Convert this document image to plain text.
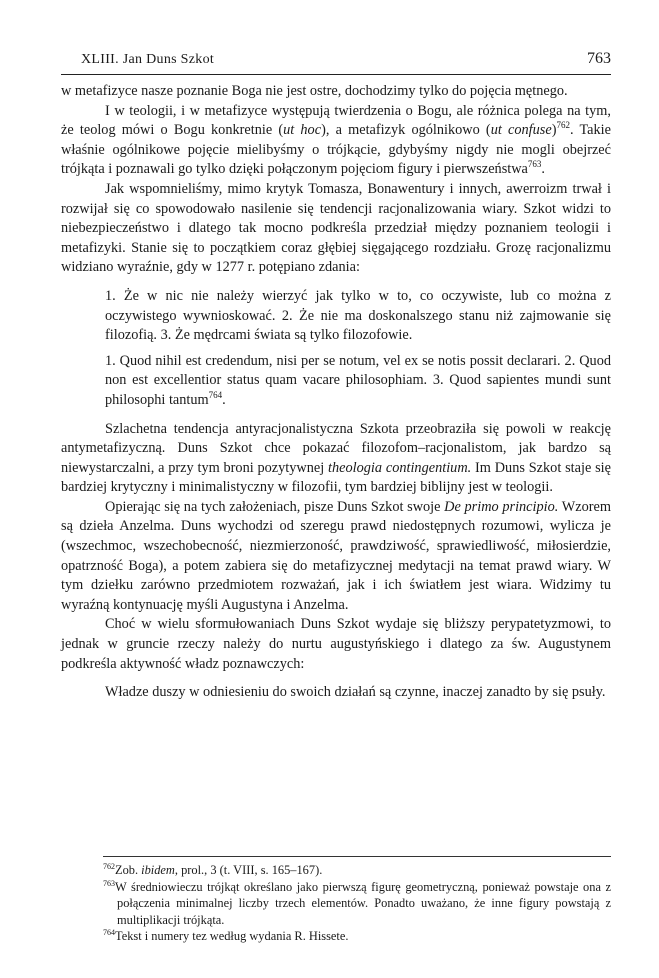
XLIII. Jan Duns Szkot	763

w metafizyce nasze poznanie Boga nie jest ostre, dochodzimy tylko do pojęcia mętnego.

I w teologii, i w metafizyce występują twierdzenia o Bogu, ale różnica polega na tym, że teolog mówi o Bogu konkretnie (ut hoc), a metafizyk ogólnikowo (ut confuse)$^{762}$. Takie właśnie ogólnikowe pojęcie mielibyśmy o trójkącie, gdybyśmy nigdy nie mogli obejrzeć trójkąta i poznawali go tylko dzięki połączonym pojęciom figury i pierwszeństwa$^{763}$.

Jak wspomnieliśmy, mimo krytyk Tomasza, Bonawentury i innych, awerroizm trwał i rozwijał się co spowodowało nasilenie się tendencji racjonalizowania wiary. Szkot widzi to niebezpieczeństwo i dlatego tak mocno podkreśla przedział między poznaniem teologii i metafizyki. Stanie się to początkiem coraz głębiej sięgającego rozdziału. Grozę racjonalizmu widziano wyraźnie, gdy w 1277 r. potępiano zdania:

1. Że w nic nie należy wierzyć jak tylko w to, co oczywiste, lub co można z oczywistego wywnioskować. 2. Że nie ma doskonalszego stanu niż zajmowanie się filozofią. 3. Że mędrcami świata są tylko filozofowie.

1. Quod nihil est credendum, nisi per se notum, vel ex se notis possit declarari. 2. Quod non est excellentior status quam vacare philosophiam. 3. Quod sapientes mundi sunt philosophi tantum$^{764}$.

Szlachetna tendencja antyracjonalistyczna Szkota przeobraziła się powoli w reakcję antymetafizyczną. Duns Szkot chce pokazać filozofom–racjonalistom, jak bardzo są niewystarczalni, a przy tym broni pozytywnej theologia contingentium. Im Duns Szkot staje się bardziej krytyczny i minimalistyczny w filozofii, tym bardziej biblijny jest w teologii.

Opierając się na tych założeniach, pisze Duns Szkot swoje De primo principio. Wzorem są dzieła Anzelma. Duns wychodzi od szeregu prawd niedostępnych rozumowi, wylicza je (wszechmoc, wszechobecność, niezmierzoność, prawdziwość, sprawiedliwość, miłosierdzie, opatrzność Boga), a potem zabiera się do metafizycznej medytacji na temat prawd wiary. W tym dziełku zarówno przedmiotem rozważań, jak i ich światłem jest wiara. Widzimy tu wyraźną kontynuację myśli Augustyna i Anzelma.

Choć w wielu sformułowaniach Duns Szkot wydaje się bliższy perypatetyzmowi, to jednak w gruncie rzeczy należy do nurtu augustyńskiego i dlatego za św. Augustynem podkreśla aktywność władz poznawczych:

Władze duszy w odniesieniu do swoich działań są czynne, inaczej zanadto by się psuły.

$^{762}$Zob. ibidem, prol., 3 (t. VIII, s. 165–167).

$^{763}$W średniowieczu trójkąt określano jako pierwszą figurę geometryczną, ponieważ powstaje ona z połączenia minimalnej liczby trzech elementów. Ponadto uważano, że inne figury powstają z multiplikacji trójkąta.

$^{764}$Tekst i numery tez według wydania R. Hissete.
